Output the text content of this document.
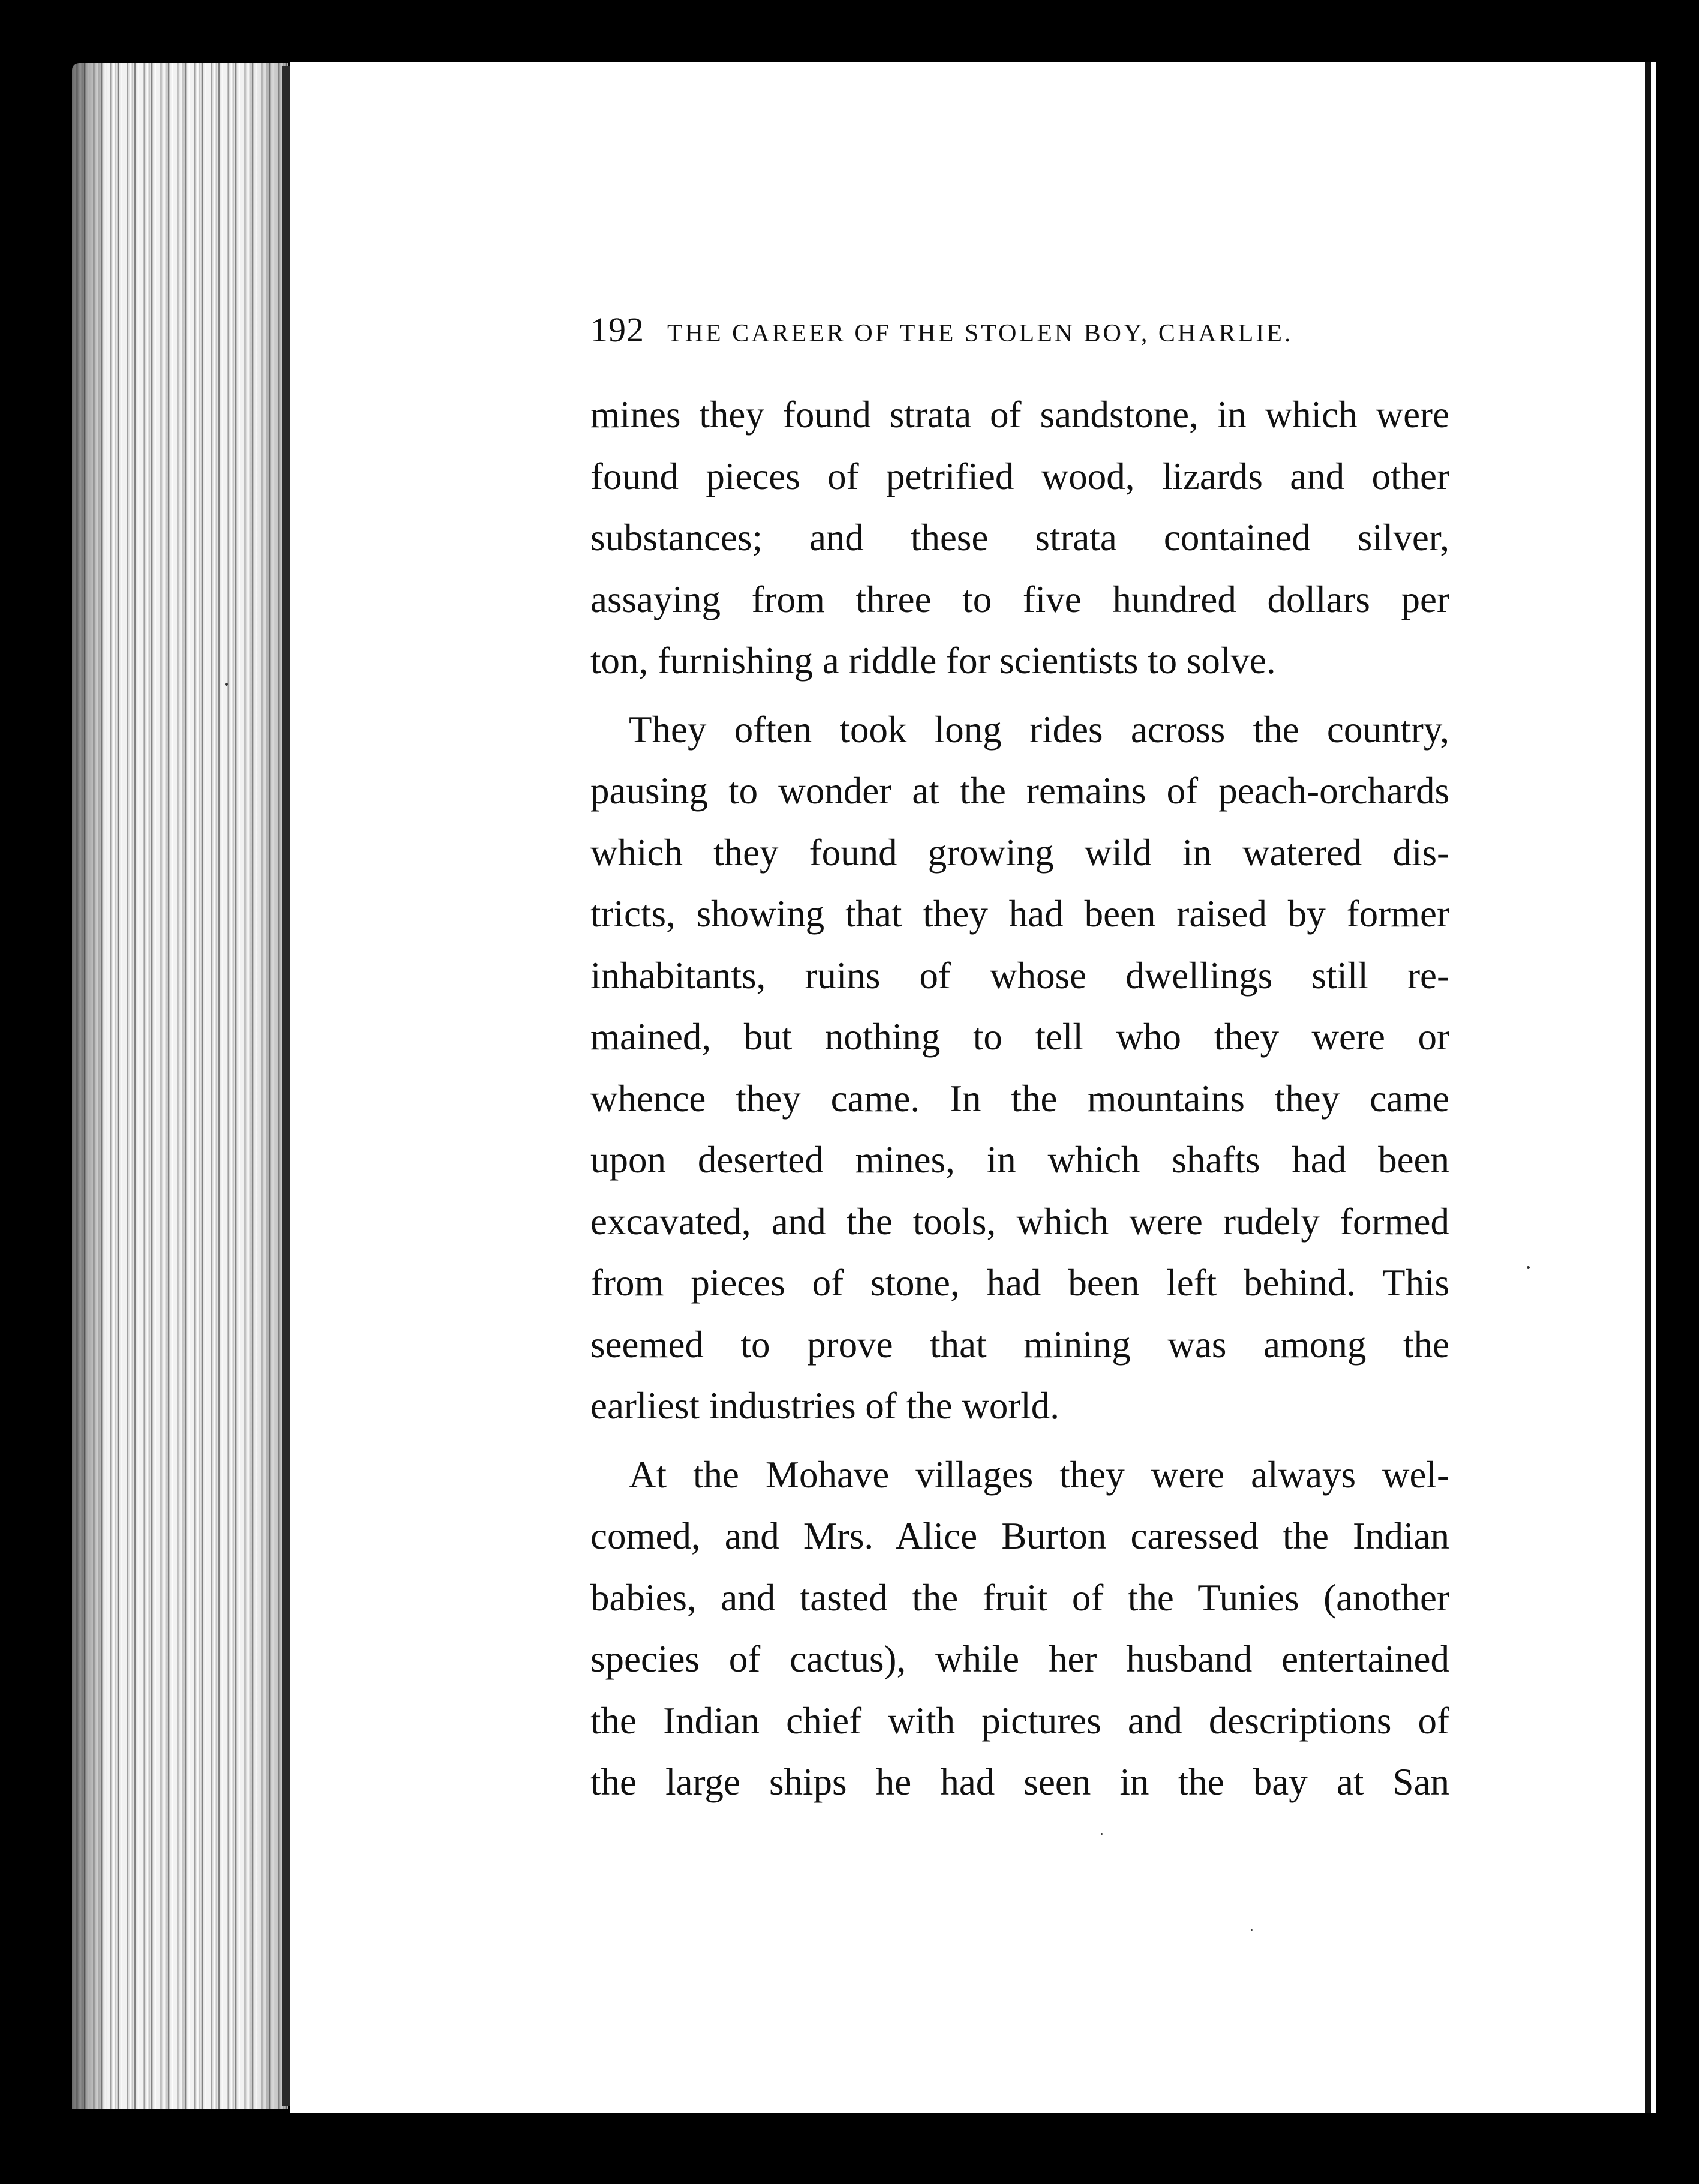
192 THE CAREER OF THE STOLEN BOY, CHARLIE.
mines they found strata of sandstone, in which were
found pieces of petrified wood, lizards and other
substances; and these strata contained silver,
assaying from three to five hundred dollars per
ton, furnishing a riddle for scientists to solve.
They often took long rides across the country,
pausing to wonder at the remains of peach-orchards
which they found growing wild in watered dis-
tricts, showing that they had been raised by former
inhabitants, ruins of whose dwellings still re-
mained, but nothing to tell who they were or
whence they came. In the mountains they came
upon deserted mines, in which shafts had been
excavated, and the tools, which were rudely formed
from pieces of stone, had been left behind. This
seemed to prove that mining was among the
earliest industries of the world.
At the Mohave villages they were always wel-
comed, and Mrs. Alice Burton caressed the Indian
babies, and tasted the fruit of the Tunies (another
species of cactus), while her husband entertained
the Indian chief with pictures and descriptions of
the large ships he had seen in the bay at San
